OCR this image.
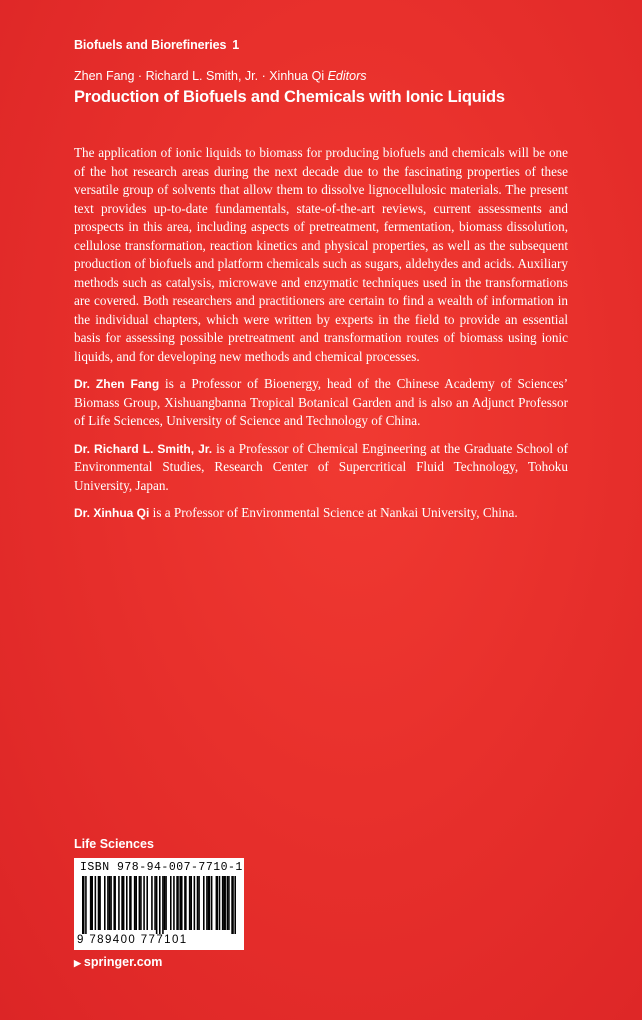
Biofuels and Biorefineries 1
Zhen Fang · Richard L. Smith, Jr. · Xinhua Qi Editors
Production of Biofuels and Chemicals with Ionic Liquids

The application of ionic liquids to biomass for producing biofuels and chemicals will be one of the hot research areas during the next decade due to the fascinating properties of these versatile group of solvents that allow them to dissolve lignocellulosic materials. The present text provides up-to-date fundamentals, state-of-the-art reviews, current assessments and prospects in this area, including aspects of pretreatment, fermentation, biomass dissolution, cellulose transformation, reaction kinetics and physical properties, as well as the subsequent production of biofuels and platform chemicals such as sugars, aldehydes and acids. Auxiliary methods such as catalysis, microwave and enzymatic techniques used in the transformations are covered. Both researchers and practitioners are certain to find a wealth of information in the individual chapters, which were written by experts in the field to provide an essential basis for assessing possible pretreatment and transformation routes of biomass using ionic liquids, and for developing new methods and chemical processes.

Dr. Zhen Fang is a Professor of Bioenergy, head of the Chinese Academy of Sciences’ Biomass Group, Xishuangbanna Tropical Botanical Garden and is also an Adjunct Professor of Life Sciences, University of Science and Technology of China.

Dr. Richard L. Smith, Jr. is a Professor of Chemical Engineering at the Graduate School of Environmental Studies, Research Center of Supercritical Fluid Technology, Tohoku University, Japan.

Dr. Xinhua Qi is a Professor of Environmental Science at Nankai University, China.

Life Sciences
ISBN 978-94-007-7710-1
9 789400 777101
▶ springer.com
